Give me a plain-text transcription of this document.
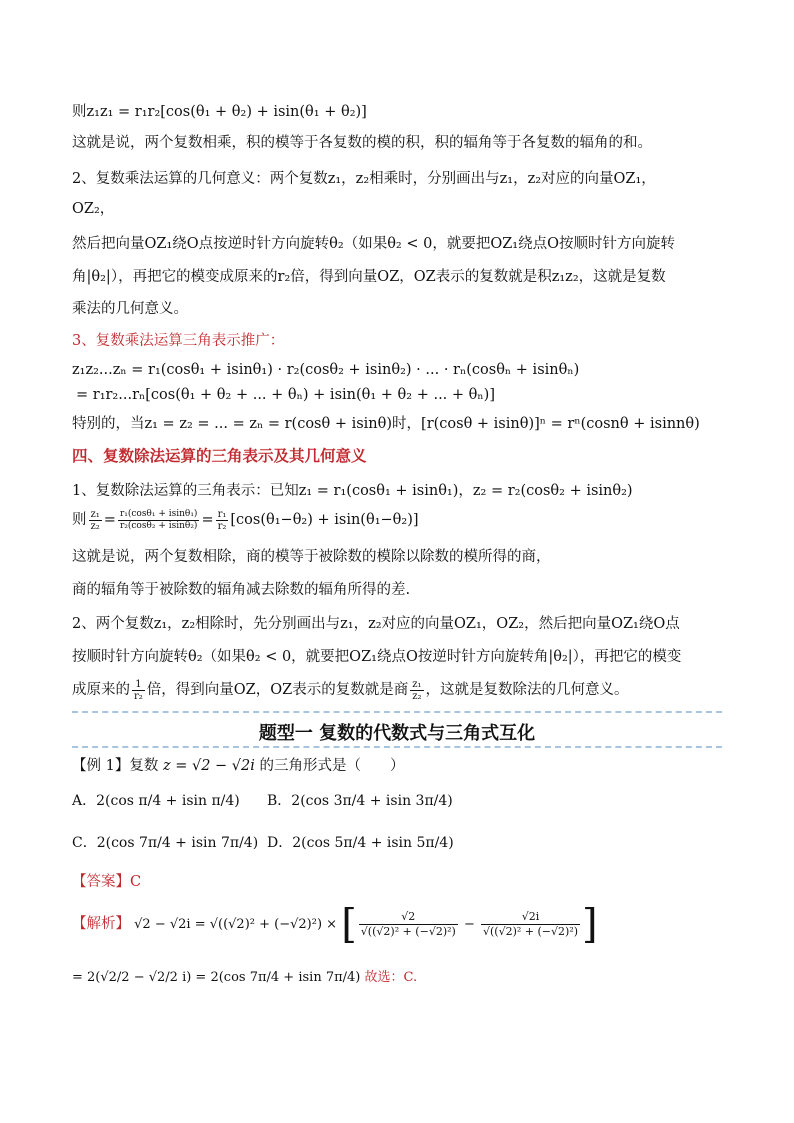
则z₁z₁ = r₁r₂[cos(θ₁ + θ₂) + isin(θ₁ + θ₂)]
这就是说，两个复数相乘，积的模等于各复数的模的积，积的辐角等于各复数的辐角的和。
2、复数乘法运算的几何意义：两个复数z₁，z₂相乘时，分别画出与z₁，z₂对应的向量OZ₁，
OZ₂，
然后把向量OZ₁绕O点按逆时针方向旋转θ₂（如果θ₂ < 0，就要把OZ₁绕点O按顺时针方向旋转
角|θ₂|），再把它的模变成原来的r₂倍，得到向量OZ，OZ表示的复数就是积z₁z₂，这就是复数
乘法的几何意义。
3、复数乘法运算三角表示推广：
z₁z₂...zₙ = r₁(cosθ₁ + isinθ₁) · r₂(cosθ₂ + isinθ₂) · ... · rₙ(cosθₙ + isinθₙ)
= r₁r₂...rₙ[cos(θ₁ + θ₂ + ... + θₙ) + isin(θ₁ + θ₂ + ... + θₙ)]
特别的，当z₁ = z₂ = ... = zₙ = r(cosθ + isinθ)时，[r(cosθ + isinθ)]ⁿ = rⁿ(cosnθ + isinnθ)
四、复数除法运算的三角表示及其几何意义
1、复数除法运算的三角表示：已知z₁ = r₁(cosθ₁ + isinθ₁)，z₂ = r₂(cosθ₂ + isinθ₂)
则 $\frac{\text{z₁}}{\text{z₂}} = \frac{\text{r₁(cosθ₁ + isinθ₁)}}{\text{r₂(cosθ₂ + isinθ₂)}} = \frac{\text{r₁}}{\text{r₂}} [\cos(\theta_1-\theta_2) + isin(\theta_1-\theta_2)]$
这就是说，两个复数相除，商的模等于被除数的模除以除数的模所得的商，
商的辐角等于被除数的辐角减去除数的辐角所得的差.
2、两个复数z₁，z₂相除时，先分别画出与z₁，z₂对应的向量OZ₁，OZ₂，然后把向量OZ₁绕O点
按顺时针方向旋转θ₂（如果θ₂ < 0，就要把OZ₁绕点O按逆时针方向旋转角|θ₂|），再把它的模变
成原来的 $\frac{1}{\text{r₂}}$ 倍，得到向量OZ，OZ表示的复数就是商 $\frac{\text{z₁}}{\text{z₂}}$ ，这就是复数除法的几何意义。
题型一 复数的代数式与三角式互化
【例 1】复数 z = √2 − √2i 的三角形式是（　　）
A．2(cos π/4 + isin π/4) B．2(cos 3π/4 + isin 3π/4)
C．2(cos 7π/4 + isin 7π/4) D．2(cos 5π/4 + isin 5π/4)
【答案】C
【解析】 √2 − √2i = √((√2)² + (−√2)²) × [ $\frac{√2}{\text{√((√2)² + (−√2)²)}} - \frac{√2i}{\text{√((√2)² + (−√2)²)}}$ ]
= 2(√2/2 − √2/2 i) = 2(cos 7π/4 + isin 7π/4) 故选：C.
